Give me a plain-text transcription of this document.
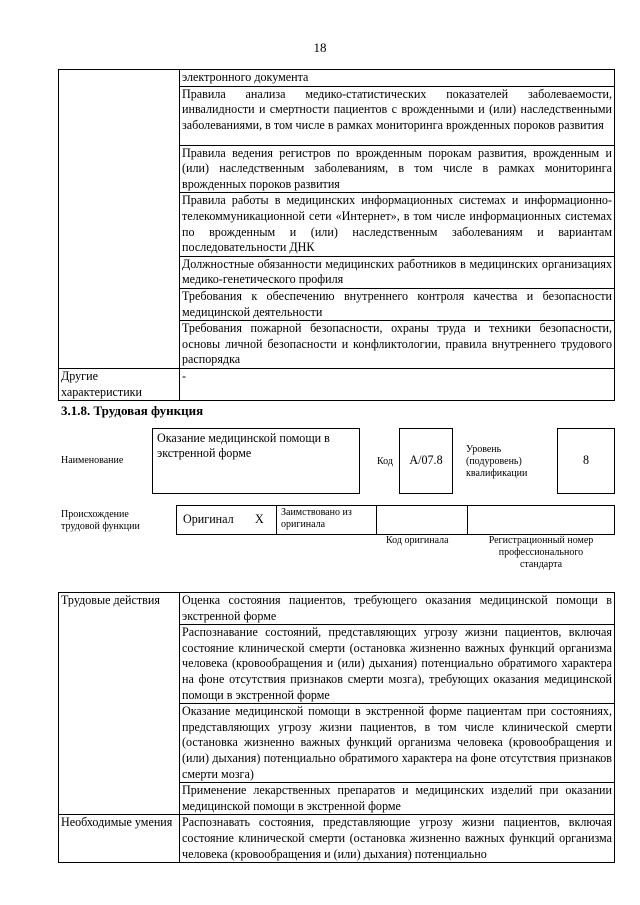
18
	электронного документа
	Правила анализа медико-статистических показателей заболеваемости, инвалидности и смертности пациентов с врожденными и (или) наследственными заболеваниями, в том числе в рамках мониторинга врожденных пороков развития
	Правила ведения регистров по врожденным порокам развития, врожденным и (или) наследственным заболеваниям, в том числе в рамках мониторинга врожденных пороков развития
	Правила работы в медицинских информационных системах и информационно-телекоммуникационной сети «Интернет», в том числе информационных системах по врожденным и (или) наследственным заболеваниям и вариантам последовательности ДНК
	Должностные обязанности медицинских работников в медицинских организациях медико-генетического профиля
	Требования к обеспечению внутреннего контроля качества и безопасности медицинской деятельности
	Требования пожарной безопасности, охраны труда и техники безопасности, основы личной безопасности и конфликтологии, правила внутреннего трудового распорядка
Другие характеристики	-
3.1.8. Трудовая функция
Наименование
Оказание медицинской помощи в экстренной форме
Код	A/07.8
Уровень (подуровень) квалификации
8
Происхождение трудовой функции
Оригинал X	Заимствовано из оригинала
Код оригинала	Регистрационный номер профессионального стандарта
Трудовые действия	Оценка состояния пациентов, требующего оказания медицинской помощи в экстренной форме
	Распознавание состояний, представляющих угрозу жизни пациентов, включая состояние клинической смерти (остановка жизненно важных функций организма человека (кровообращения и (или) дыхания) потенциально обратимого характера на фоне отсутствия признаков смерти мозга), требующих оказания медицинской помощи в экстренной форме
	Оказание медицинской помощи в экстренной форме пациентам при состояниях, представляющих угрозу жизни пациентов, в том числе клинической смерти (остановка жизненно важных функций организма человека (кровообращения и (или) дыхания) потенциально обратимого характера на фоне отсутствия признаков смерти мозга)
	Применение лекарственных препаратов и медицинских изделий при оказании медицинской помощи в экстренной форме
Необходимые умения	Распознавать состояния, представляющие угрозу жизни пациентов, включая состояние клинической смерти (остановка жизненно важных функций организма человека (кровообращения и (или) дыхания) потенциально
